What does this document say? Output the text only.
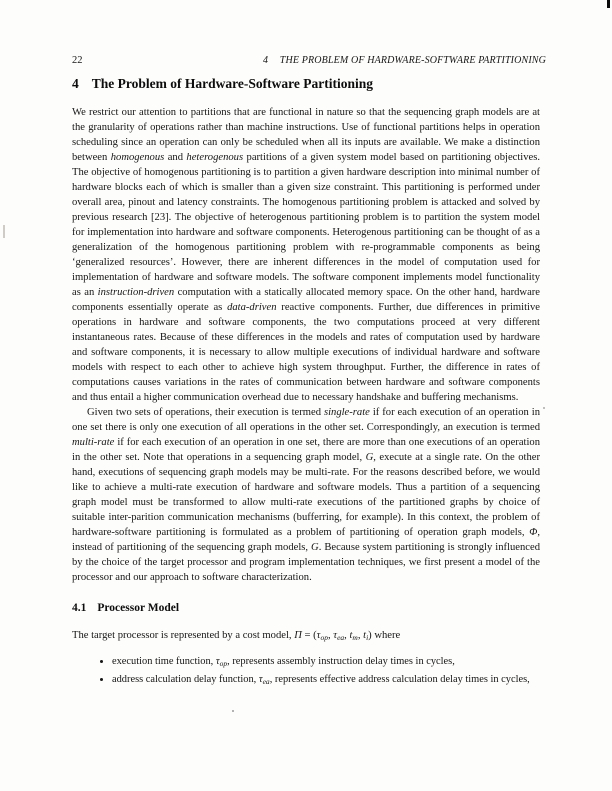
22	4 THE PROBLEM OF HARDWARE-SOFTWARE PARTITIONING
4 The Problem of Hardware-Software Partitioning

We restrict our attention to partitions that are functional in nature so that the sequencing graph models are at the granularity of operations rather than machine instructions. Use of functional partitions helps in operation scheduling since an operation can only be scheduled when all its inputs are available. We make a distinction between homogenous and heterogenous partitions of a given system model based on partitioning objectives. The objective of homogenous partitioning is to partition a given hardware description into minimal number of hardware blocks each of which is smaller than a given size constraint. This partitioning is performed under overall area, pinout and latency constraints. The homogenous partitioning problem is attacked and solved by previous research [23]. The objective of heterogenous partitioning problem is to partition the system model for implementation into hardware and software components. Heterogenous partitioning can be thought of as a generalization of the homogenous partitioning problem with re-programmable components as being ‘generalized resources’. However, there are inherent differences in the model of computation used for implementation of hardware and software models. The software component implements model functionality as an instruction-driven computation with a statically allocated memory space. On the other hand, hardware components essentially operate as data-driven reactive components. Further, due differences in primitive operations in hardware and software components, the two computations proceed at very different instantaneous rates. Because of these differences in the models and rates of computation used by hardware and software components, it is necessary to allow multiple executions of individual hardware and software models with respect to each other to achieve high system throughput. Further, the difference in rates of computations causes variations in the rates of communication between hardware and software components and thus entail a higher communication overhead due to necessary handshake and buffering mechanisms.

Given two sets of operations, their execution is termed single-rate if for each execution of an operation in one set there is only one execution of all operations in the other set. Correspondingly, an execution is termed multi-rate if for each execution of an operation in one set, there are more than one executions of an operation in the other set. Note that operations in a sequencing graph model, G, execute at a single rate. On the other hand, executions of sequencing graph models may be multi-rate. For the reasons described before, we would like to achieve a multi-rate execution of hardware and software models. Thus a partition of a sequencing graph model must be transformed to allow multi-rate executions of the partitioned graphs by choice of suitable inter-parition communication mechanisms (bufferring, for example). In this context, the problem of hardware-software partitioning is formulated as a problem of partitioning of operation graph models, Φ, instead of partitioning of the sequencing graph models, G. Because system partitioning is strongly influenced by the choice of the target processor and program implementation techniques, we first present a model of the processor and our approach to software characterization.

4.1 Processor Model

The target processor is represented by a cost model, $\Pi = (\tau_{op}$, $\tau_{ea}$, $t_m$, $t_i$) where

• execution time function, $\tau_{op}$, represents assembly instruction delay times in cycles,
• address calculation delay function, $\tau_{ea}$, represents effective address calculation delay times in cycles,
